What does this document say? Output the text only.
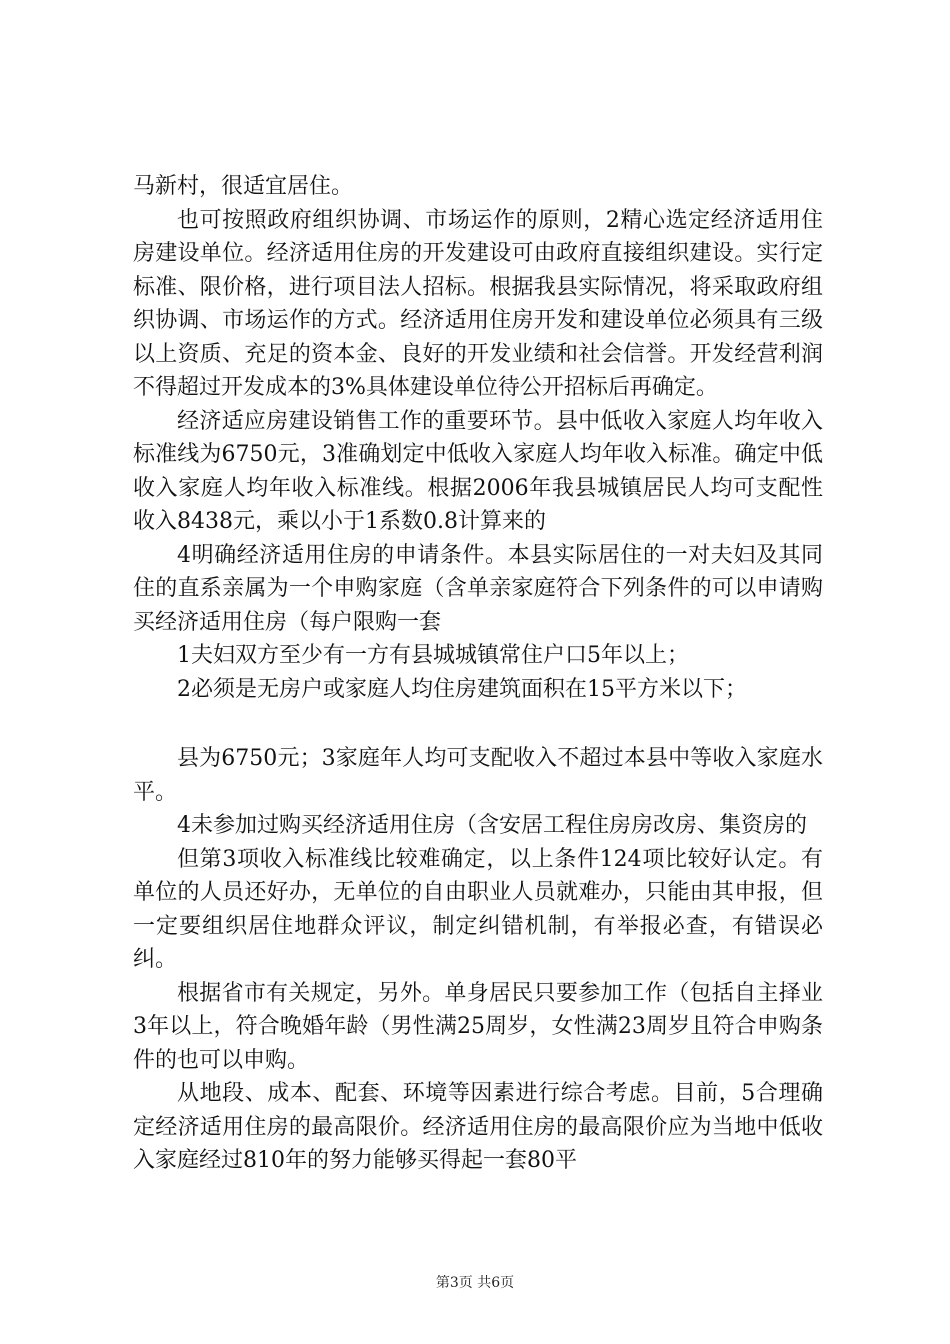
马新村，很适宜居住。

也可按照政府组织协调、市场运作的原则，2精心选定经济适用住房建设单位。经济适用住房的开发建设可由政府直接组织建设。实行定标准、限价格，进行项目法人招标。根据我县实际情况，将采取政府组织协调、市场运作的方式。经济适用住房开发和建设单位必须具有三级以上资质、充足的资本金、良好的开发业绩和社会信誉。开发经营利润不得超过开发成本的3%具体建设单位待公开招标后再确定。

经济适应房建设销售工作的重要环节。县中低收入家庭人均年收入标准线为6750元，3准确划定中低收入家庭人均年收入标准。确定中低收入家庭人均年收入标准线。根据2006年我县城镇居民人均可支配性收入8438元，乘以小于1系数0.8计算来的

4明确经济适用住房的申请条件。本县实际居住的一对夫妇及其同住的直系亲属为一个申购家庭（含单亲家庭符合下列条件的可以申请购买经济适用住房（每户限购一套

1夫妇双方至少有一方有县城城镇常住户口5年以上；

2必须是无房户或家庭人均住房建筑面积在15平方米以下；

县为6750元；3家庭年人均可支配收入不超过本县中等收入家庭水平。

4未参加过购买经济适用住房（含安居工程住房房改房、集资房的

但第3项收入标准线比较难确定，以上条件124项比较好认定。有单位的人员还好办，无单位的自由职业人员就难办，只能由其申报，但一定要组织居住地群众评议，制定纠错机制，有举报必查，有错误必纠。

根据省市有关规定，另外。单身居民只要参加工作（包括自主择业3年以上，符合晚婚年龄（男性满25周岁，女性满23周岁且符合申购条件的也可以申购。

从地段、成本、配套、环境等因素进行综合考虑。目前，5合理确定经济适用住房的最高限价。经济适用住房的最高限价应为当地中低收入家庭经过810年的努力能够买得起一套80平

第3页 共6页
